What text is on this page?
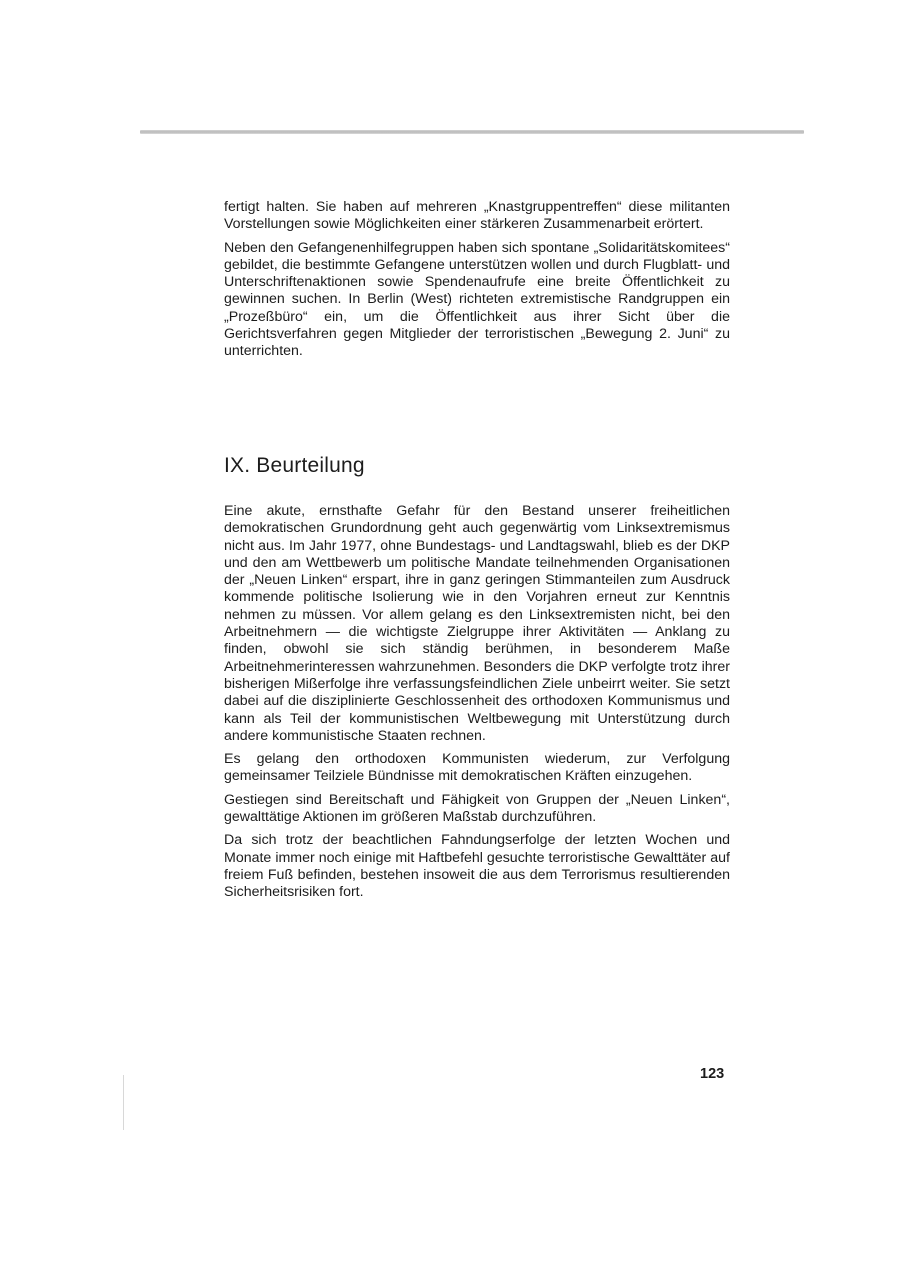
fertigt halten. Sie haben auf mehreren „Knastgruppentreffen“ diese militanten Vorstellungen sowie Möglichkeiten einer stärkeren Zusammenarbeit erörtert.

Neben den Gefangenenhilfegruppen haben sich spontane „Solidaritätskomitees“ gebildet, die bestimmte Gefangene unterstützen wollen und durch Flugblatt- und Unterschriftenaktionen sowie Spendenaufrufe eine breite Öffentlichkeit zu gewinnen suchen. In Berlin (West) richteten extremistische Randgruppen ein „Prozeßbüro“ ein, um die Öffentlichkeit aus ihrer Sicht über die Gerichtsverfahren gegen Mitglieder der terroristischen „Bewegung 2. Juni“ zu unterrichten.

IX. Beurteilung

Eine akute, ernsthafte Gefahr für den Bestand unserer freiheitlichen demokratischen Grundordnung geht auch gegenwärtig vom Linksextremismus nicht aus. Im Jahr 1977, ohne Bundestags- und Landtagswahl, blieb es der DKP und den am Wettbewerb um politische Mandate teilnehmenden Organisationen der „Neuen Linken“ erspart, ihre in ganz geringen Stimmanteilen zum Ausdruck kommende politische Isolierung wie in den Vorjahren erneut zur Kenntnis nehmen zu müssen. Vor allem gelang es den Linksextremisten nicht, bei den Arbeitnehmern — die wichtigste Zielgruppe ihrer Aktivitäten — Anklang zu finden, obwohl sie sich ständig berühmen, in besonderem Maße Arbeitnehmerinteressen wahrzunehmen. Besonders die DKP verfolgte trotz ihrer bisherigen Mißerfolge ihre verfassungsfeindlichen Ziele unbeirrt weiter. Sie setzt dabei auf die disziplinierte Geschlossenheit des orthodoxen Kommunismus und kann als Teil der kommunistischen Weltbewegung mit Unterstützung durch andere kommunistische Staaten rechnen.

Es gelang den orthodoxen Kommunisten wiederum, zur Verfolgung gemeinsamer Teilziele Bündnisse mit demokratischen Kräften einzugehen.

Gestiegen sind Bereitschaft und Fähigkeit von Gruppen der „Neuen Linken“, gewalttätige Aktionen im größeren Maßstab durchzuführen.

Da sich trotz der beachtlichen Fahndungserfolge der letzten Wochen und Monate immer noch einige mit Haftbefehl gesuchte terroristische Gewalttäter auf freiem Fuß befinden, bestehen insoweit die aus dem Terrorismus resultierenden Sicherheitsrisiken fort.

123
